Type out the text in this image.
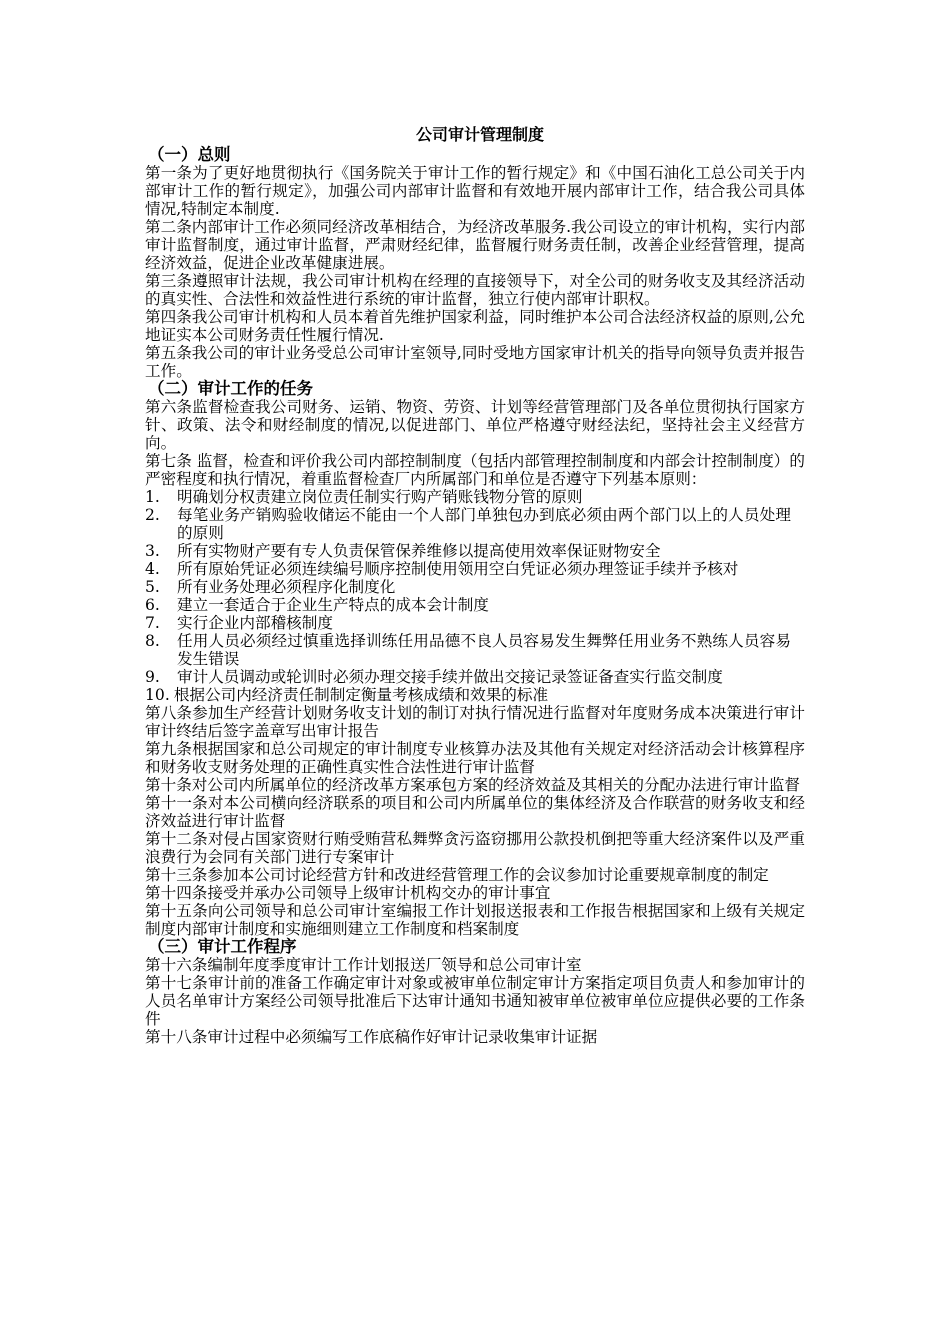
公司审计管理制度
（一）总则

第一条为了更好地贯彻执行《国务院关于审计工作的暂行规定》和《中国石油化工总公司关于内部审计工作的暂行规定》，加强公司内部审计监督和有效地开展内部审计工作，结合我公司具体情况,特制定本制度.

第二条内部审计工作必须同经济改革相结合，为经济改革服务.我公司设立的审计机构，实行内部审计监督制度，通过审计监督，严肃财经纪律，监督履行财务责任制，改善企业经营管理，提高经济效益，促进企业改革健康进展。

第三条遵照审计法规，我公司审计机构在经理的直接领导下，对全公司的财务收支及其经济活动的真实性、合法性和效益性进行系统的审计监督，独立行使内部审计职权。

第四条我公司审计机构和人员本着首先维护国家利益，同时维护本公司合法经济权益的原则,公允地证实本公司财务责任性履行情况.

第五条我公司的审计业务受总公司审计室领导,同时受地方国家审计机关的指导向领导负责并报告工作。

（二）审计工作的任务

第六条监督检查我公司财务、运销、物资、劳资、计划等经营管理部门及各单位贯彻执行国家方针、政策、法令和财经制度的情况,以促进部门、单位严格遵守财经法纪，坚持社会主义经营方向。

第七条 监督，检查和评价我公司内部控制制度（包括内部管理控制制度和内部会计控制制度）的严密程度和执行情况，着重监督检查厂内所属部门和单位是否遵守下列基本原则：

1.	明确划分权责建立岗位责任制实行购产销账钱物分管的原则
2.	每笔业务产销购验收储运不能由一个人部门单独包办到底必须由两个部门以上的人员处理的原则
3.	所有实物财产要有专人负责保管保养维修以提高使用效率保证财物安全
4.	所有原始凭证必须连续编号顺序控制使用领用空白凭证必须办理签证手续并予核对
5.	所有业务处理必须程序化制度化
6.	建立一套适合于企业生产特点的成本会计制度
7.	实行企业内部稽核制度
8.	任用人员必须经过慎重选择训练任用品德不良人员容易发生舞弊任用业务不熟练人员容易发生错误
9.	审计人员调动或轮训时必须办理交接手续并做出交接记录签证备查实行监交制度
10. 根据公司内经济责任制制定衡量考核成绩和效果的标准

第八条参加生产经营计划财务收支计划的制订对执行情况进行监督对年度财务成本决策进行审计审计终结后签字盖章写出审计报告

第九条根据国家和总公司规定的审计制度专业核算办法及其他有关规定对经济活动会计核算程序和财务收支财务处理的正确性真实性合法性进行审计监督

第十条对公司内所属单位的经济改革方案承包方案的经济效益及其相关的分配办法进行审计监督

第十一条对本公司横向经济联系的项目和公司内所属单位的集体经济及合作联营的财务收支和经济效益进行审计监督

第十二条对侵占国家资财行贿受贿营私舞弊贪污盗窃挪用公款投机倒把等重大经济案件以及严重浪费行为会同有关部门进行专案审计

第十三条参加本公司讨论经营方针和改进经营管理工作的会议参加讨论重要规章制度的制定

第十四条接受并承办公司领导上级审计机构交办的审计事宜

第十五条向公司领导和总公司审计室编报工作计划报送报表和工作报告根据国家和上级有关规定制度内部审计制度和实施细则建立工作制度和档案制度

（三）审计工作程序

第十六条编制年度季度审计工作计划报送厂领导和总公司审计室

第十七条审计前的准备工作确定审计对象或被审单位制定审计方案指定项目负责人和参加审计的人员名单审计方案经公司领导批准后下达审计通知书通知被审单位被审单位应提供必要的工作条件

第十八条审计过程中必须编写工作底稿作好审计记录收集审计证据
